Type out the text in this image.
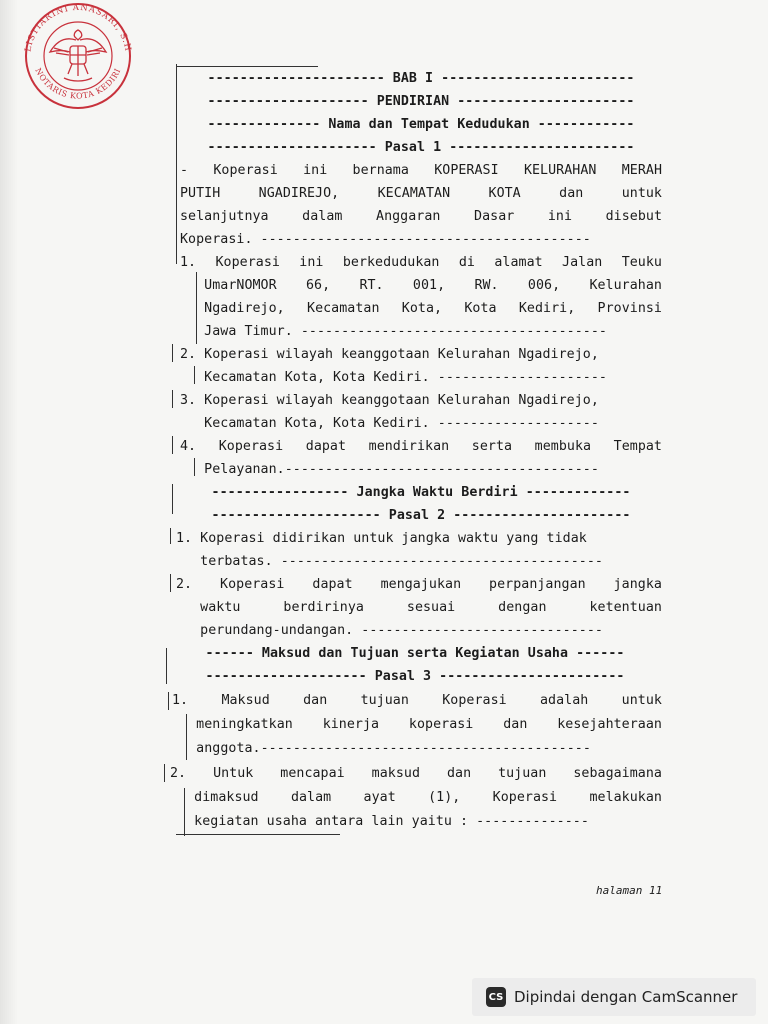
LISTIARINI ANASARI, S.H
NOTARIS KOTA KEDIRI
---------------------- BAB I ------------------------
-------------------- PENDIRIAN ----------------------
-------------- Nama dan Tempat Kedudukan ------------
--------------------- Pasal 1 -----------------------
- Koperasi ini bernama KOPERASI KELURAHAN MERAH
PUTIH	NGADIREJO,	KECAMATAN	KOTA	dan	untuk
selanjutnya	dalam	Anggaran	Dasar	ini	disebut
Koperasi. -----------------------------------------
1. Koperasi ini berkedudukan di alamat Jalan Teuku
UmarNOMOR 66, RT. 001, RW. 006, Kelurahan
Ngadirejo, Kecamatan Kota, Kota Kediri, Provinsi
Jawa Timur. --------------------------------------
2. Koperasi wilayah keanggotaan Kelurahan Ngadirejo,
Kecamatan Kota, Kota Kediri. ---------------------
3. Koperasi wilayah keanggotaan Kelurahan Ngadirejo,
Kecamatan Kota, Kota Kediri. --------------------
4. Koperasi dapat mendirikan serta membuka Tempat
Pelayanan.---------------------------------------
----------------- Jangka Waktu Berdiri -------------
--------------------- Pasal 2 ----------------------
1. Koperasi didirikan untuk jangka waktu yang tidak
terbatas. ----------------------------------------
2. Koperasi dapat mengajukan perpanjangan jangka
waktu	berdirinya	sesuai	dengan	ketentuan
perundang-undangan. ------------------------------
------ Maksud dan Tujuan serta Kegiatan Usaha ------
-------------------- Pasal 3 -----------------------
1.	Maksud	dan	tujuan	Koperasi	adalah	untuk
meningkatkan kinerja koperasi dan kesejahteraan
anggota.-----------------------------------------
2. Untuk mencapai maksud dan tujuan sebagaimana
dimaksud dalam ayat (1), Koperasi melakukan
kegiatan usaha antara lain yaitu : --------------
halaman 11
CS Dipindai dengan CamScanner
